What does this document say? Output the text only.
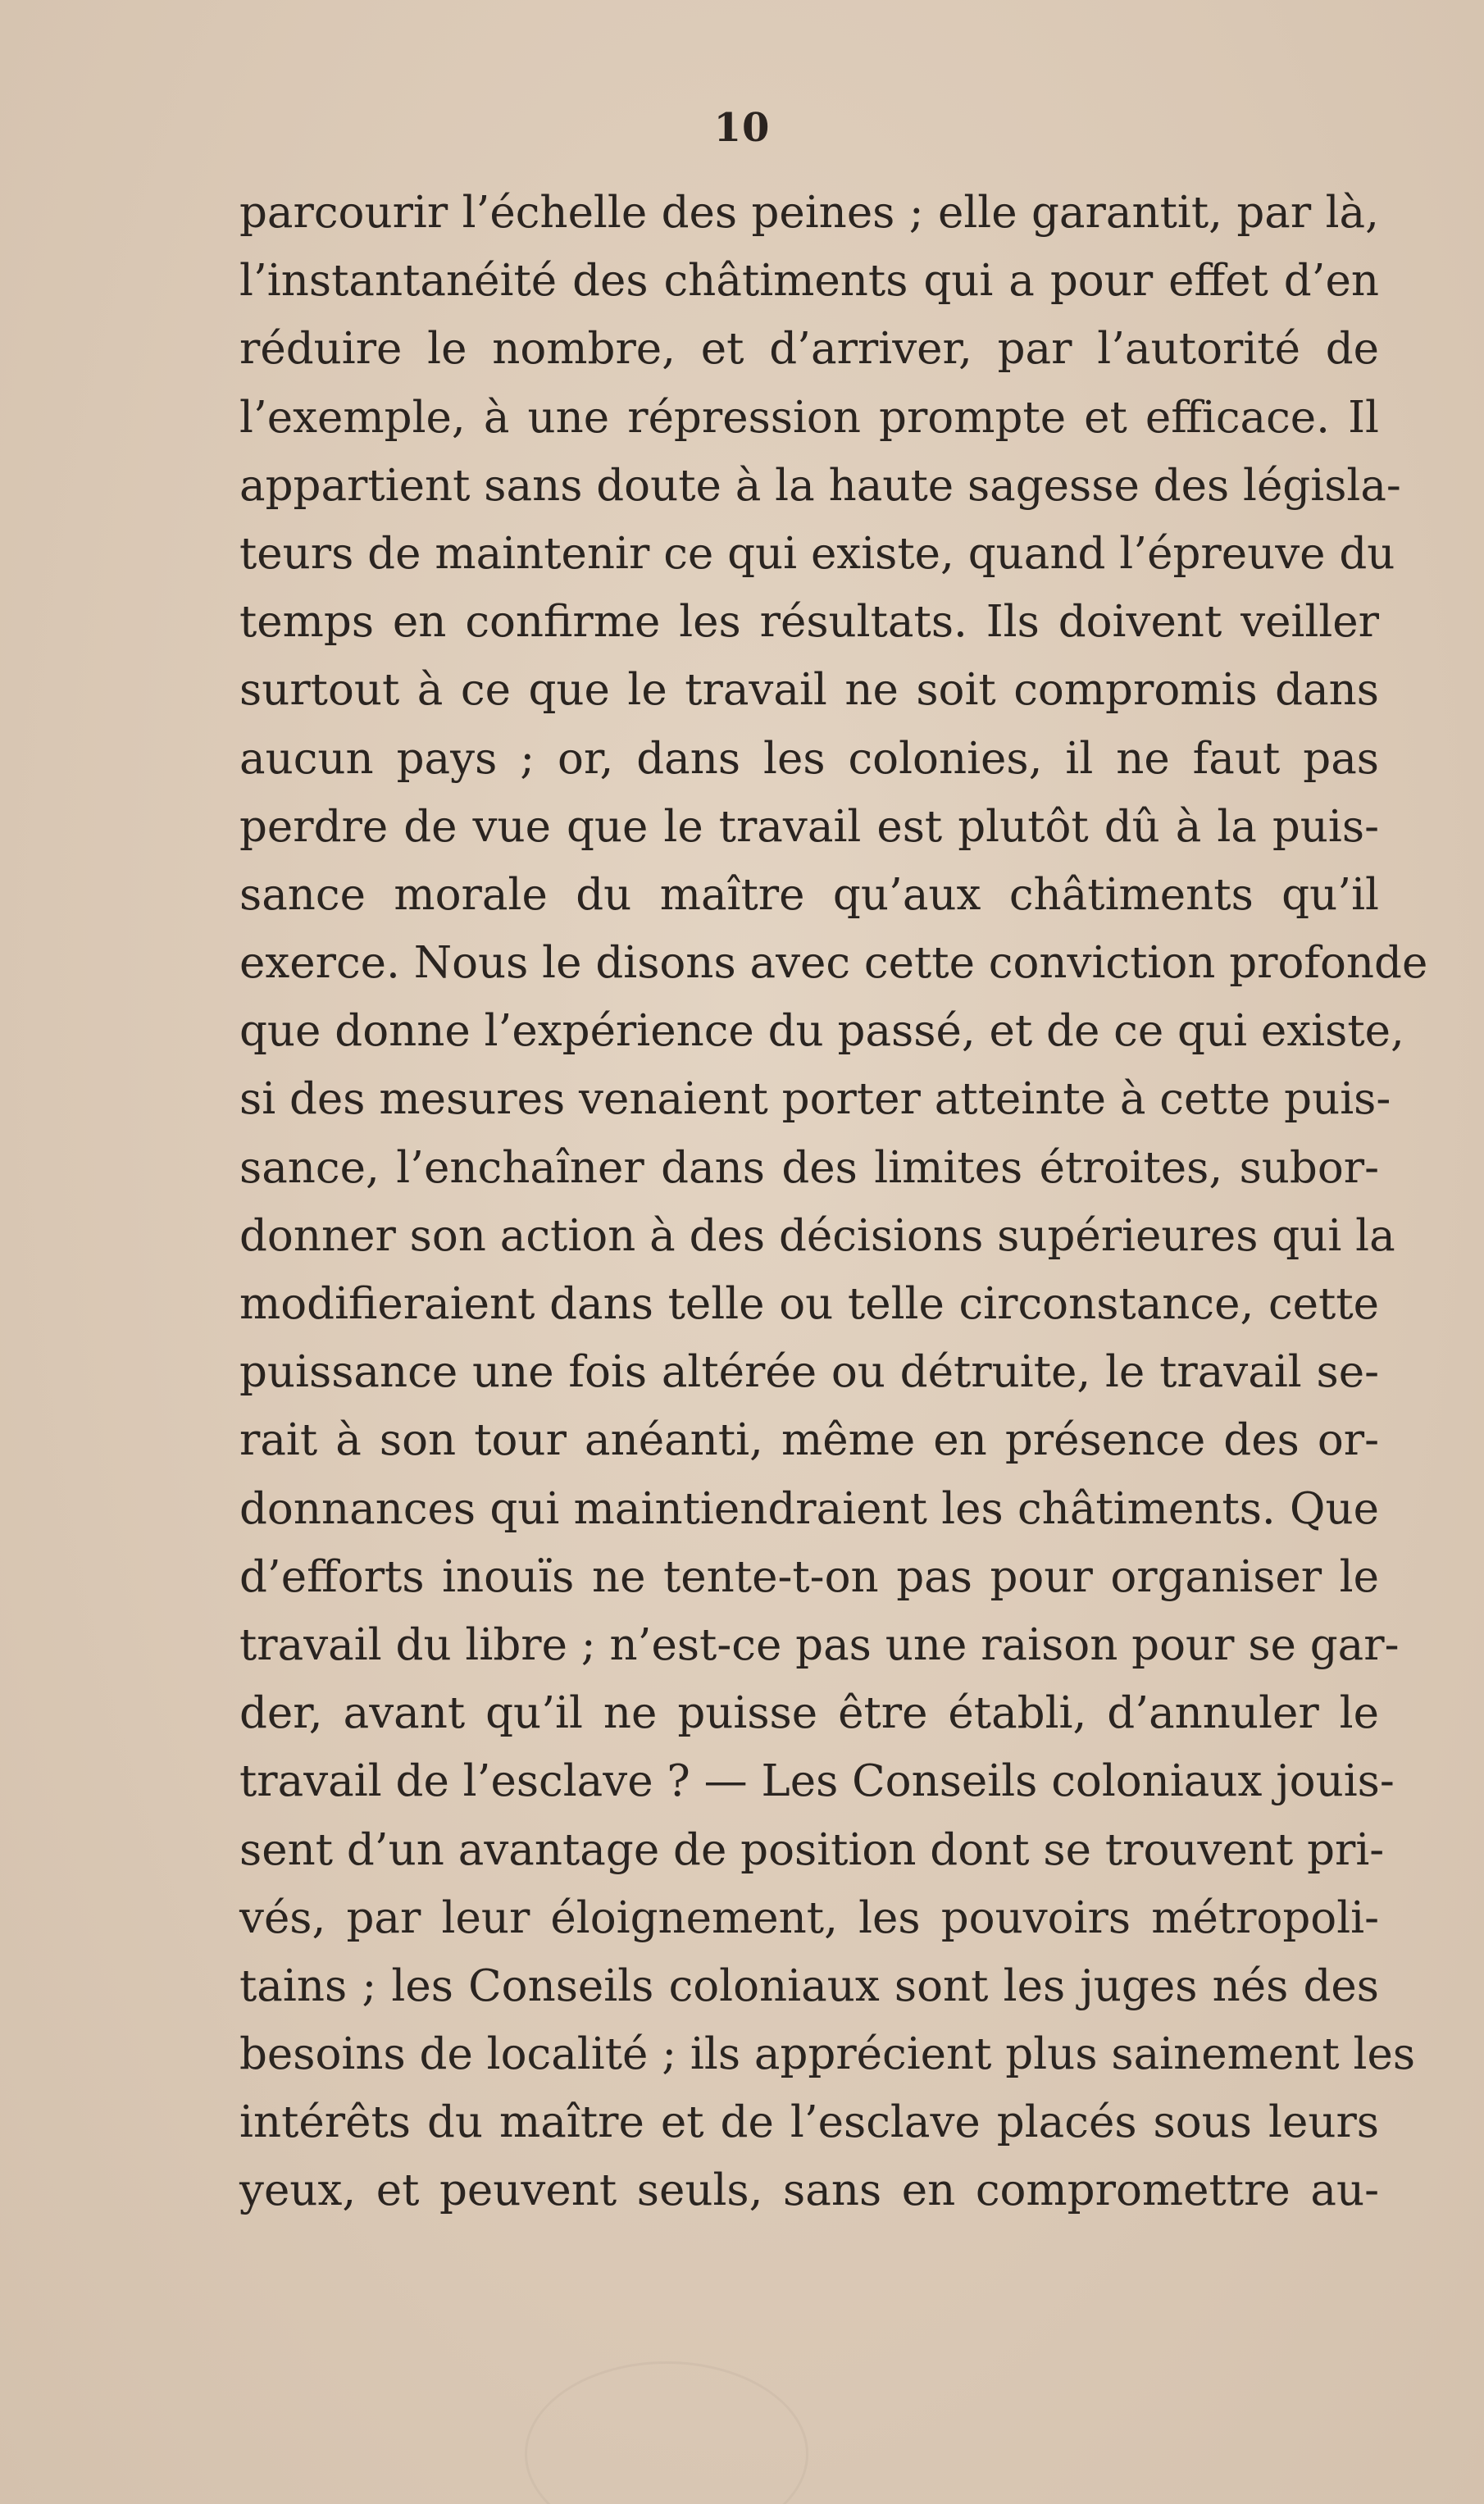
10
parcourir l’échelle des peines ; elle garantit, par là,
l’instantanéité des châtiments qui a pour effet d’en
réduire le nombre, et d’arriver, par l’autorité de
l’exemple, à une répression prompte et efficace. Il
appartient sans doute à la haute sagesse des législa-
teurs de maintenir ce qui existe, quand l’épreuve du
temps en confirme les résultats. Ils doivent veiller
surtout à ce que le travail ne soit compromis dans
aucun pays ; or, dans les colonies, il ne faut pas
perdre de vue que le travail est plutôt dû à la puis-
sance morale du maître qu’aux châtiments qu’il
exerce. Nous le disons avec cette conviction profonde
que donne l’expérience du passé, et de ce qui existe,
si des mesures venaient porter atteinte à cette puis-
sance, l’enchaîner dans des limites étroites, subor-
donner son action à des décisions supérieures qui la
modifieraient dans telle ou telle circonstance, cette
puissance une fois altérée ou détruite, le travail se-
rait à son tour anéanti, même en présence des or-
donnances qui maintiendraient les châtiments. Que
d’efforts inouïs ne tente-t-on pas pour organiser le
travail du libre ; n’est-ce pas une raison pour se gar-
der, avant qu’il ne puisse être établi, d’annuler le
travail de l’esclave ? — Les Conseils coloniaux jouis-
sent d’un avantage de position dont se trouvent pri-
vés, par leur éloignement, les pouvoirs métropoli-
tains ; les Conseils coloniaux sont les juges nés des
besoins de localité ; ils apprécient plus sainement les
intérêts du maître et de l’esclave placés sous leurs
yeux, et peuvent seuls, sans en compromettre au-
